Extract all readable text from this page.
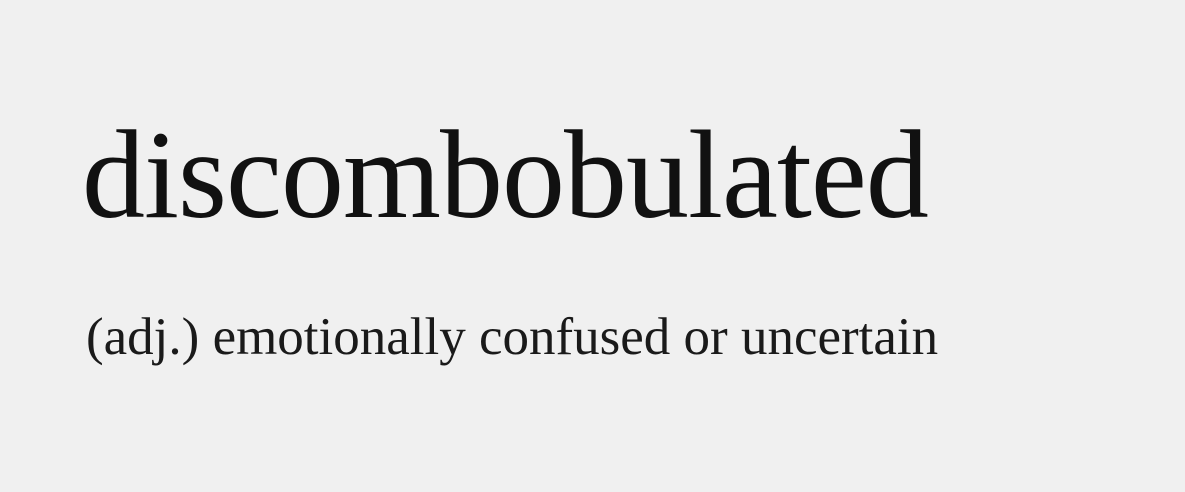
discombobulated

(adj.) emotionally confused or uncertain
